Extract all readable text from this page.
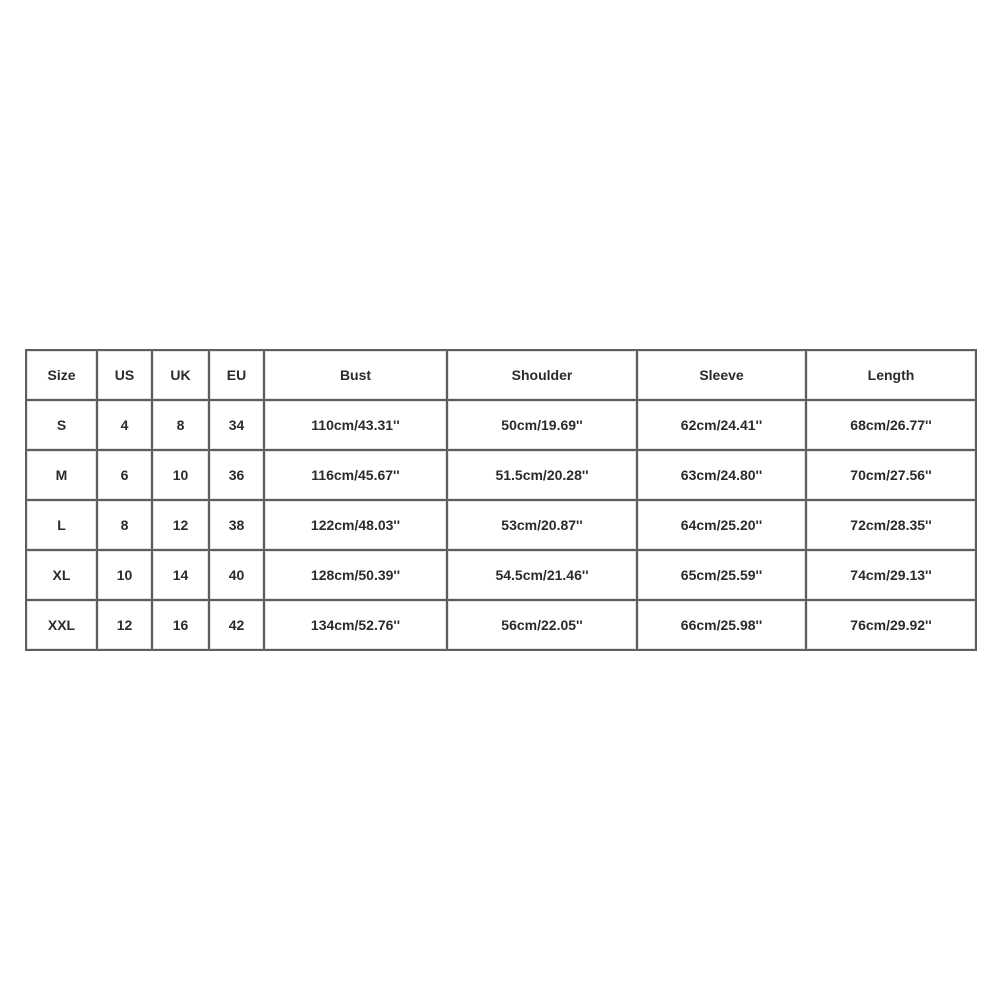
Size	US	UK	EU	Bust	Shoulder	Sleeve	Length
S	4	8	34	110cm/43.31''	50cm/19.69''	62cm/24.41''	68cm/26.77''
M	6	10	36	116cm/45.67''	51.5cm/20.28''	63cm/24.80''	70cm/27.56''
L	8	12	38	122cm/48.03''	53cm/20.87''	64cm/25.20''	72cm/28.35''
XL	10	14	40	128cm/50.39''	54.5cm/21.46''	65cm/25.59''	74cm/29.13''
XXL	12	16	42	134cm/52.76''	56cm/22.05''	66cm/25.98''	76cm/29.92''
